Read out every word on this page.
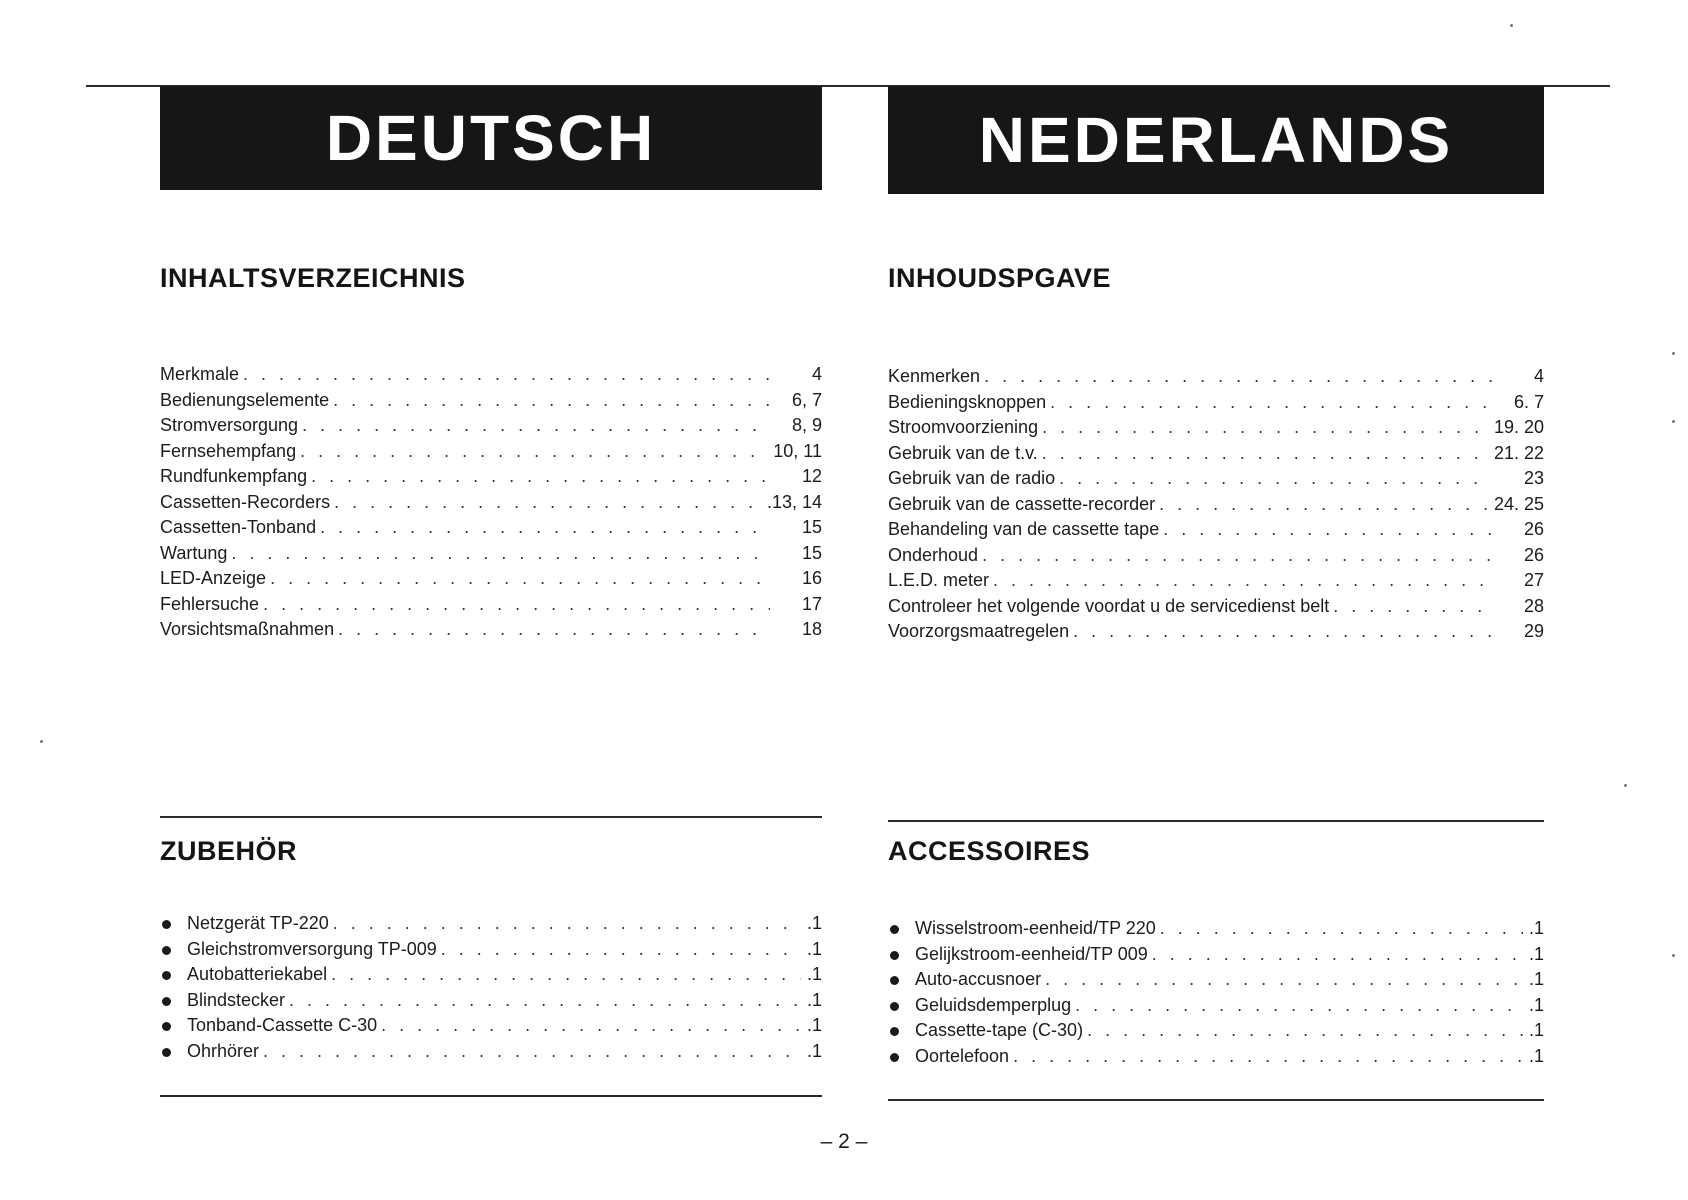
DEUTSCH
INHALTSVERZEICHNIS
Merkmale . . .	4
Bedienungselemente . . .	6, 7
Stromversorgung . . .	8, 9
Fernsehempfang . . .	10, 11
Rundfunkempfang . . .	12
Cassetten-Recorders . . .	.13, 14
Cassetten-Tonband . . .	15
Wartung . . .	15
LED-Anzeige . . .	16
Fehlersuche . . .	17
Vorsichtsmaßnahmen . . .	18
ZUBEHÖR
Netzgerät TP-220 . . .	.1
Gleichstromversorgung TP-009 . . .	.1
Autobatteriekabel . . .	.1
Blindstecker . . .	.1
Tonband-Cassette C-30 . . .	.1
Ohrhörer . . .	.1
NEDERLANDS
INHOUDSPGAVE
Kenmerken . . .	4
Bedieningsknoppen . . .	6. 7
Stroomvoorziening . . .	19. 20
Gebruik van de t.v. . . .	21. 22
Gebruik van de radio . . .	23
Gebruik van de cassette-recorder . . .	24. 25
Behandeling van de cassette tape . . .	26
Onderhoud . . .	26
L.E.D. meter . . .	27
Controleer het volgende voordat u de servicedienst belt . . .	28
Voorzorgsmaatregelen . . .	29
ACCESSOIRES
Wisselstroom-eenheid/TP 220 . . .	.1
Gelijkstroom-eenheid/TP 009 . . .	.1
Auto-accusnoer . . .	.1
Geluidsdemperplug . . .	.1
Cassette-tape (C-30) . . .	.1
Oortelefoon . . .	.1
– 2 –
